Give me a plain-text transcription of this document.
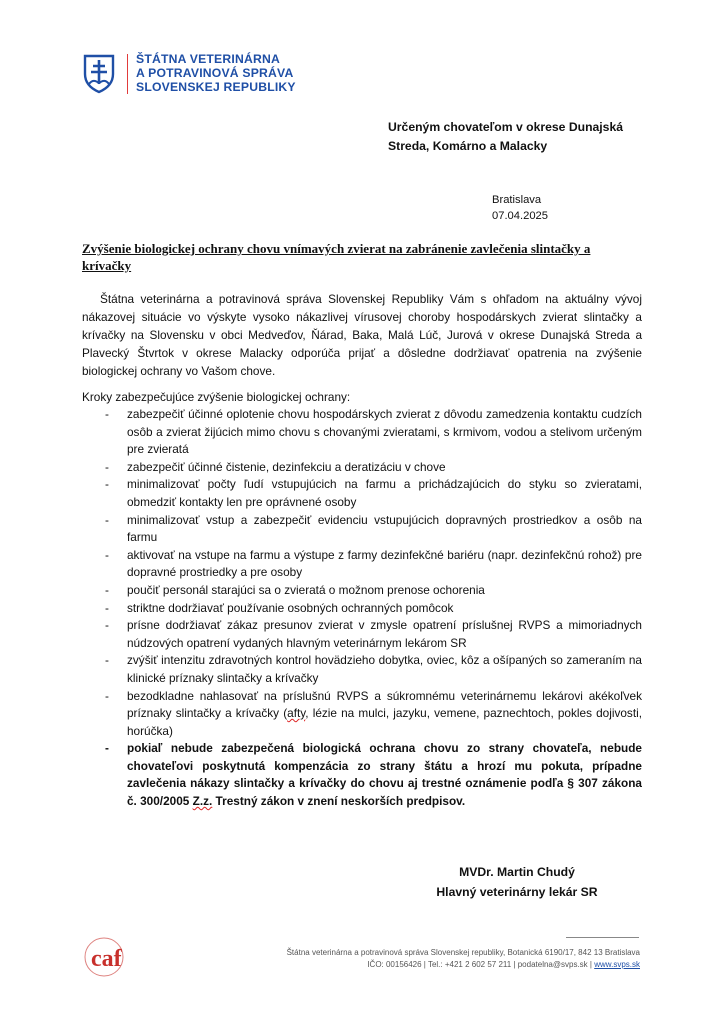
ŠTÁTNA VETERINÁRNA
A POTRAVINOVÁ SPRÁVA
SLOVENSKEJ REPUBLIKY
Určeným chovateľom v okrese Dunajská
Streda, Komárno a Malacky
Bratislava
07.04.2025
Zvýšenie biologickej ochrany chovu vnímavých zvierat na zabránenie zavlečenia slintačky a krívačky
Štátna veterinárna a potravinová správa Slovenskej Republiky Vám s ohľadom na aktuálny vývoj nákazovej situácie vo výskyte vysoko nákazlivej vírusovej choroby hospodárskych zvierat slintačky a krívačky na Slovensku v obci Medveďov, Ňárad, Baka, Malá Lúč, Jurová v okrese Dunajská Streda a Plavecký Štvrtok v okrese Malacky odporúča prijať a dôsledne dodržiavať opatrenia na zvýšenie biologickej ochrany vo Vašom chove.
Kroky zabezpečujúce zvýšenie biologickej ochrany:
- zabezpečiť účinné oplotenie chovu hospodárskych zvierat z dôvodu zamedzenia kontaktu cudzích osôb a zvierat žijúcich mimo chovu s chovanými zvieratami, s krmivom, vodou a stelivom určeným pre zvieratá
- zabezpečiť účinné čistenie, dezinfekciu a deratizáciu v chove
- minimalizovať počty ľudí vstupujúcich na farmu a prichádzajúcich do styku so zvieratami, obmedziť kontakty len pre oprávnené osoby
- minimalizovať vstup a zabezpečiť evidenciu vstupujúcich dopravných prostriedkov a osôb na farmu
- aktivovať na vstupe na farmu a výstupe z farmy dezinfekčné bariéru (napr. dezinfekčnú rohož) pre dopravné prostriedky a pre osoby
- poučiť personál starajúci sa o zvieratá o možnom prenose ochorenia
- striktne dodržiavať používanie osobných ochranných pomôcok
- prísne dodržiavať zákaz presunov zvierat v zmysle opatrení príslušnej RVPS a mimoriadnych núdzových opatrení vydaných hlavným veterinárnym lekárom SR
- zvýšiť intenzitu zdravotných kontrol hovädzieho dobytka, oviec, kôz a ošípaných so zameraním na klinické príznaky slintačky a krívačky
- bezodkladne nahlasovať na príslušnú RVPS a súkromnému veterinárnemu lekárovi akékoľvek príznaky slintačky a krívačky (afty, lézie na mulci, jazyku, vemene, paznechtoch, pokles dojivosti, horúčka)
- pokiaľ nebude zabezpečená biologická ochrana chovu zo strany chovateľa, nebude chovateľovi poskytnutá kompenzácia zo strany štátu a hrozí mu pokuta, prípadne zavlečenia nákazy slintačky a krívačky do chovu aj trestné oznámenie podľa § 307 zákona č. 300/2005 Z.z. Trestný zákon v znení neskorších predpisov.
MVDr. Martin Chudý
Hlavný veterinárny lekár SR
caf	Štátna veterinárna a potravinová správa Slovenskej republiky, Botanická 6190/17, 842 13 Bratislava
IČO: 00156426 | Tel.: +421 2 602 57 211 | podatelna@svps.sk | www.svps.sk
